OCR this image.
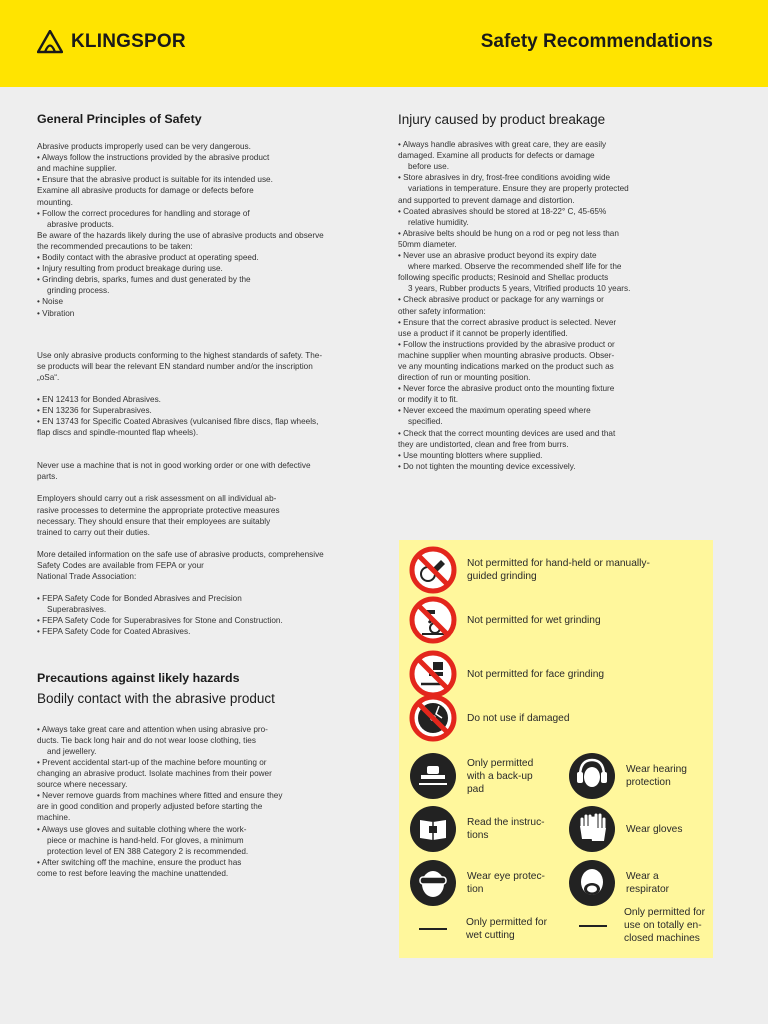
KLINGSPOR	Safety Recommendations
General Principles of Safety
Abrasive products improperly used can be very dangerous.
• Always follow the instructions provided by the abrasive product
and machine supplier.
• Ensure that the abrasive product is suitable for its intended use.
Examine all abrasive products for damage or defects before
mounting.
• Follow the correct procedures for handling and storage of
abrasive products.
Be aware of the hazards likely during the use of abrasive products and observe
the recommended precautions to be taken:
• Bodily contact with the abrasive product at operating speed.
• Injury resulting from product breakage during use.
• Grinding debris, sparks, fumes and dust generated by the
grinding process.
• Noise
• Vibration
Use only abrasive products conforming to the highest standards of safety. The-
se products will bear the relevant EN standard number and/or the inscription
„oSa“.
• EN 12413 for Bonded Abrasives.
• EN 13236 for Superabrasives.
• EN 13743 for Specific Coated Abrasives (vulcanised fibre discs, flap wheels,
flap discs and spindle-mounted flap wheels).
Never use a machine that is not in good working order or one with defective
parts.
Employers should carry out a risk assessment on all individual ab-
rasive processes to determine the appropriate protective measures
necessary. They should ensure that their employees are suitably
trained to carry out their duties.
More detailed information on the safe use of abrasive products, comprehensive
Safety Codes are available from FEPA or your
National Trade Association:
• FEPA Safety Code for Bonded Abrasives and Precision
Superabrasives.
• FEPA Safety Code for Superabrasives for Stone and Construction.
• FEPA Safety Code for Coated Abrasives.
Precautions against likely hazards
Bodily contact with the abrasive product
• Always take great care and attention when using abrasive pro-
ducts. Tie back long hair and do not wear loose clothing, ties
and jewellery.
• Prevent accidental start-up of the machine before mounting or
changing an abrasive product. Isolate machines from their power
source where necessary.
• Never remove guards from machines where fitted and ensure they
are in good condition and properly adjusted before starting the
machine.
• Always use gloves and suitable clothing where the work-
piece or machine is hand-held. For gloves, a minimum
protection level of EN 388 Category 2 is recommended.
• After switching off the machine, ensure the product has
come to rest before leaving the machine unattended.
Injury caused by product breakage
• Always handle abrasives with great care, they are easily
damaged. Examine all products for defects or damage
before use.
• Store abrasives in dry, frost-free conditions avoiding wide
variations in temperature. Ensure they are properly protected
and supported to prevent damage and distortion.
• Coated abrasives should be stored at 18-22° C, 45-65%
relative humidity.
• Abrasive belts should be hung on a rod or peg not less than
50mm diameter.
• Never use an abrasive product beyond its expiry date
where marked. Observe the recommended shelf life for the
following specific products; Resinoid and Shellac products
3 years, Rubber products 5 years, Vitrified products 10 years.
• Check abrasive product or package for any warnings or
other safety information:
• Ensure that the correct abrasive product is selected. Never
use a product if it cannot be properly identified.
• Follow the instructions provided by the abrasive product or
machine supplier when mounting abrasive products. Obser-
ve any mounting indications marked on the product such as
direction of run or mounting position.
• Never force the abrasive product onto the mounting fixture
or modify it to fit.
• Never exceed the maximum operating speed where
specified.
• Check that the correct mounting devices are used and that
they are undistorted, clean and free from burrs.
• Use mounting blotters where supplied.
• Do not tighten the mounting device excessively.
Not permitted for hand-held or manually-
guided grinding
Not permitted for wet grinding
Not permitted for face grinding
Do not use if damaged
Only permitted
with a back-up
pad
Wear hearing
protection
Read the instruc-
tions
Wear gloves
Wear eye protec-
tion
Wear a
respirator
Only permitted for
wet cutting
Only permitted for
use on totally en-
closed machines
